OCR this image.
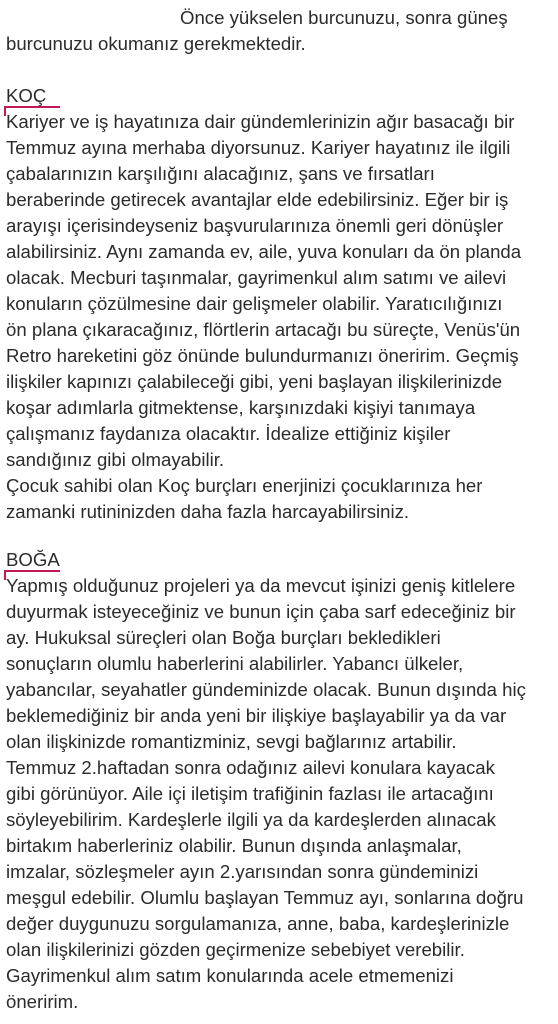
Önce yükselen burcunuzu, sonra güneş
burcunuzu okumanız gerekmektedir.
KOÇ
Kariyer ve iş hayatınıza dair gündemlerinizin ağır basacağı bir
Temmuz ayına merhaba diyorsunuz. Kariyer hayatınız ile ilgili
çabalarınızın karşılığını alacağınız, şans ve fırsatları
beraberinde getirecek avantajlar elde edebilirsiniz. Eğer bir iş
arayışı içerisindeyseniz başvurularınıza önemli geri dönüşler
alabilirsiniz. Aynı zamanda ev, aile, yuva konuları da ön planda
olacak. Mecburi taşınmalar, gayrimenkul alım satımı ve ailevi
konuların çözülmesine dair gelişmeler olabilir. Yaratıcılığınızı
ön plana çıkaracağınız, flörtlerin artacağı bu süreçte, Venüs'ün
Retro hareketini göz önünde bulundurmanızı öneririm. Geçmiş
ilişkiler kapınızı çalabileceği gibi, yeni başlayan ilişkilerinizde
koşar adımlarla gitmektense, karşınızdaki kişiyi tanımaya
çalışmanız faydanıza olacaktır. İdealize ettiğiniz kişiler
sandığınız gibi olmayabilir.
Çocuk sahibi olan Koç burçları enerjinizi çocuklarınıza her
zamanki rutininizden daha fazla harcayabilirsiniz.
BOĞA
Yapmış olduğunuz projeleri ya da mevcut işinizi geniş kitlelere
duyurmak isteyeceğiniz ve bunun için çaba sarf edeceğiniz bir
ay. Hukuksal süreçleri olan Boğa burçları bekledikleri
sonuçların olumlu haberlerini alabilirler. Yabancı ülkeler,
yabancılar, seyahatler gündeminizde olacak. Bunun dışında hiç
beklemediğiniz bir anda yeni bir ilişkiye başlayabilir ya da var
olan ilişkinizde romantizminiz, sevgi bağlarınız artabilir.
Temmuz 2.haftadan sonra odağınız ailevi konulara kayacak
gibi görünüyor. Aile içi iletişim trafiğinin fazlası ile artacağını
söyleyebilirim. Kardeşlerle ilgili ya da kardeşlerden alınacak
birtakım haberleriniz olabilir. Bunun dışında anlaşmalar,
imzalar, sözleşmeler ayın 2.yarısından sonra gündeminizi
meşgul edebilir. Olumlu başlayan Temmuz ayı, sonlarına doğru
değer duygunuzu sorgulamanıza, anne, baba, kardeşlerinizle
olan ilişkilerinizi gözden geçirmenize sebebiyet verebilir.
Gayrimenkul alım satım konularında acele etmemenizi
öneririm.
